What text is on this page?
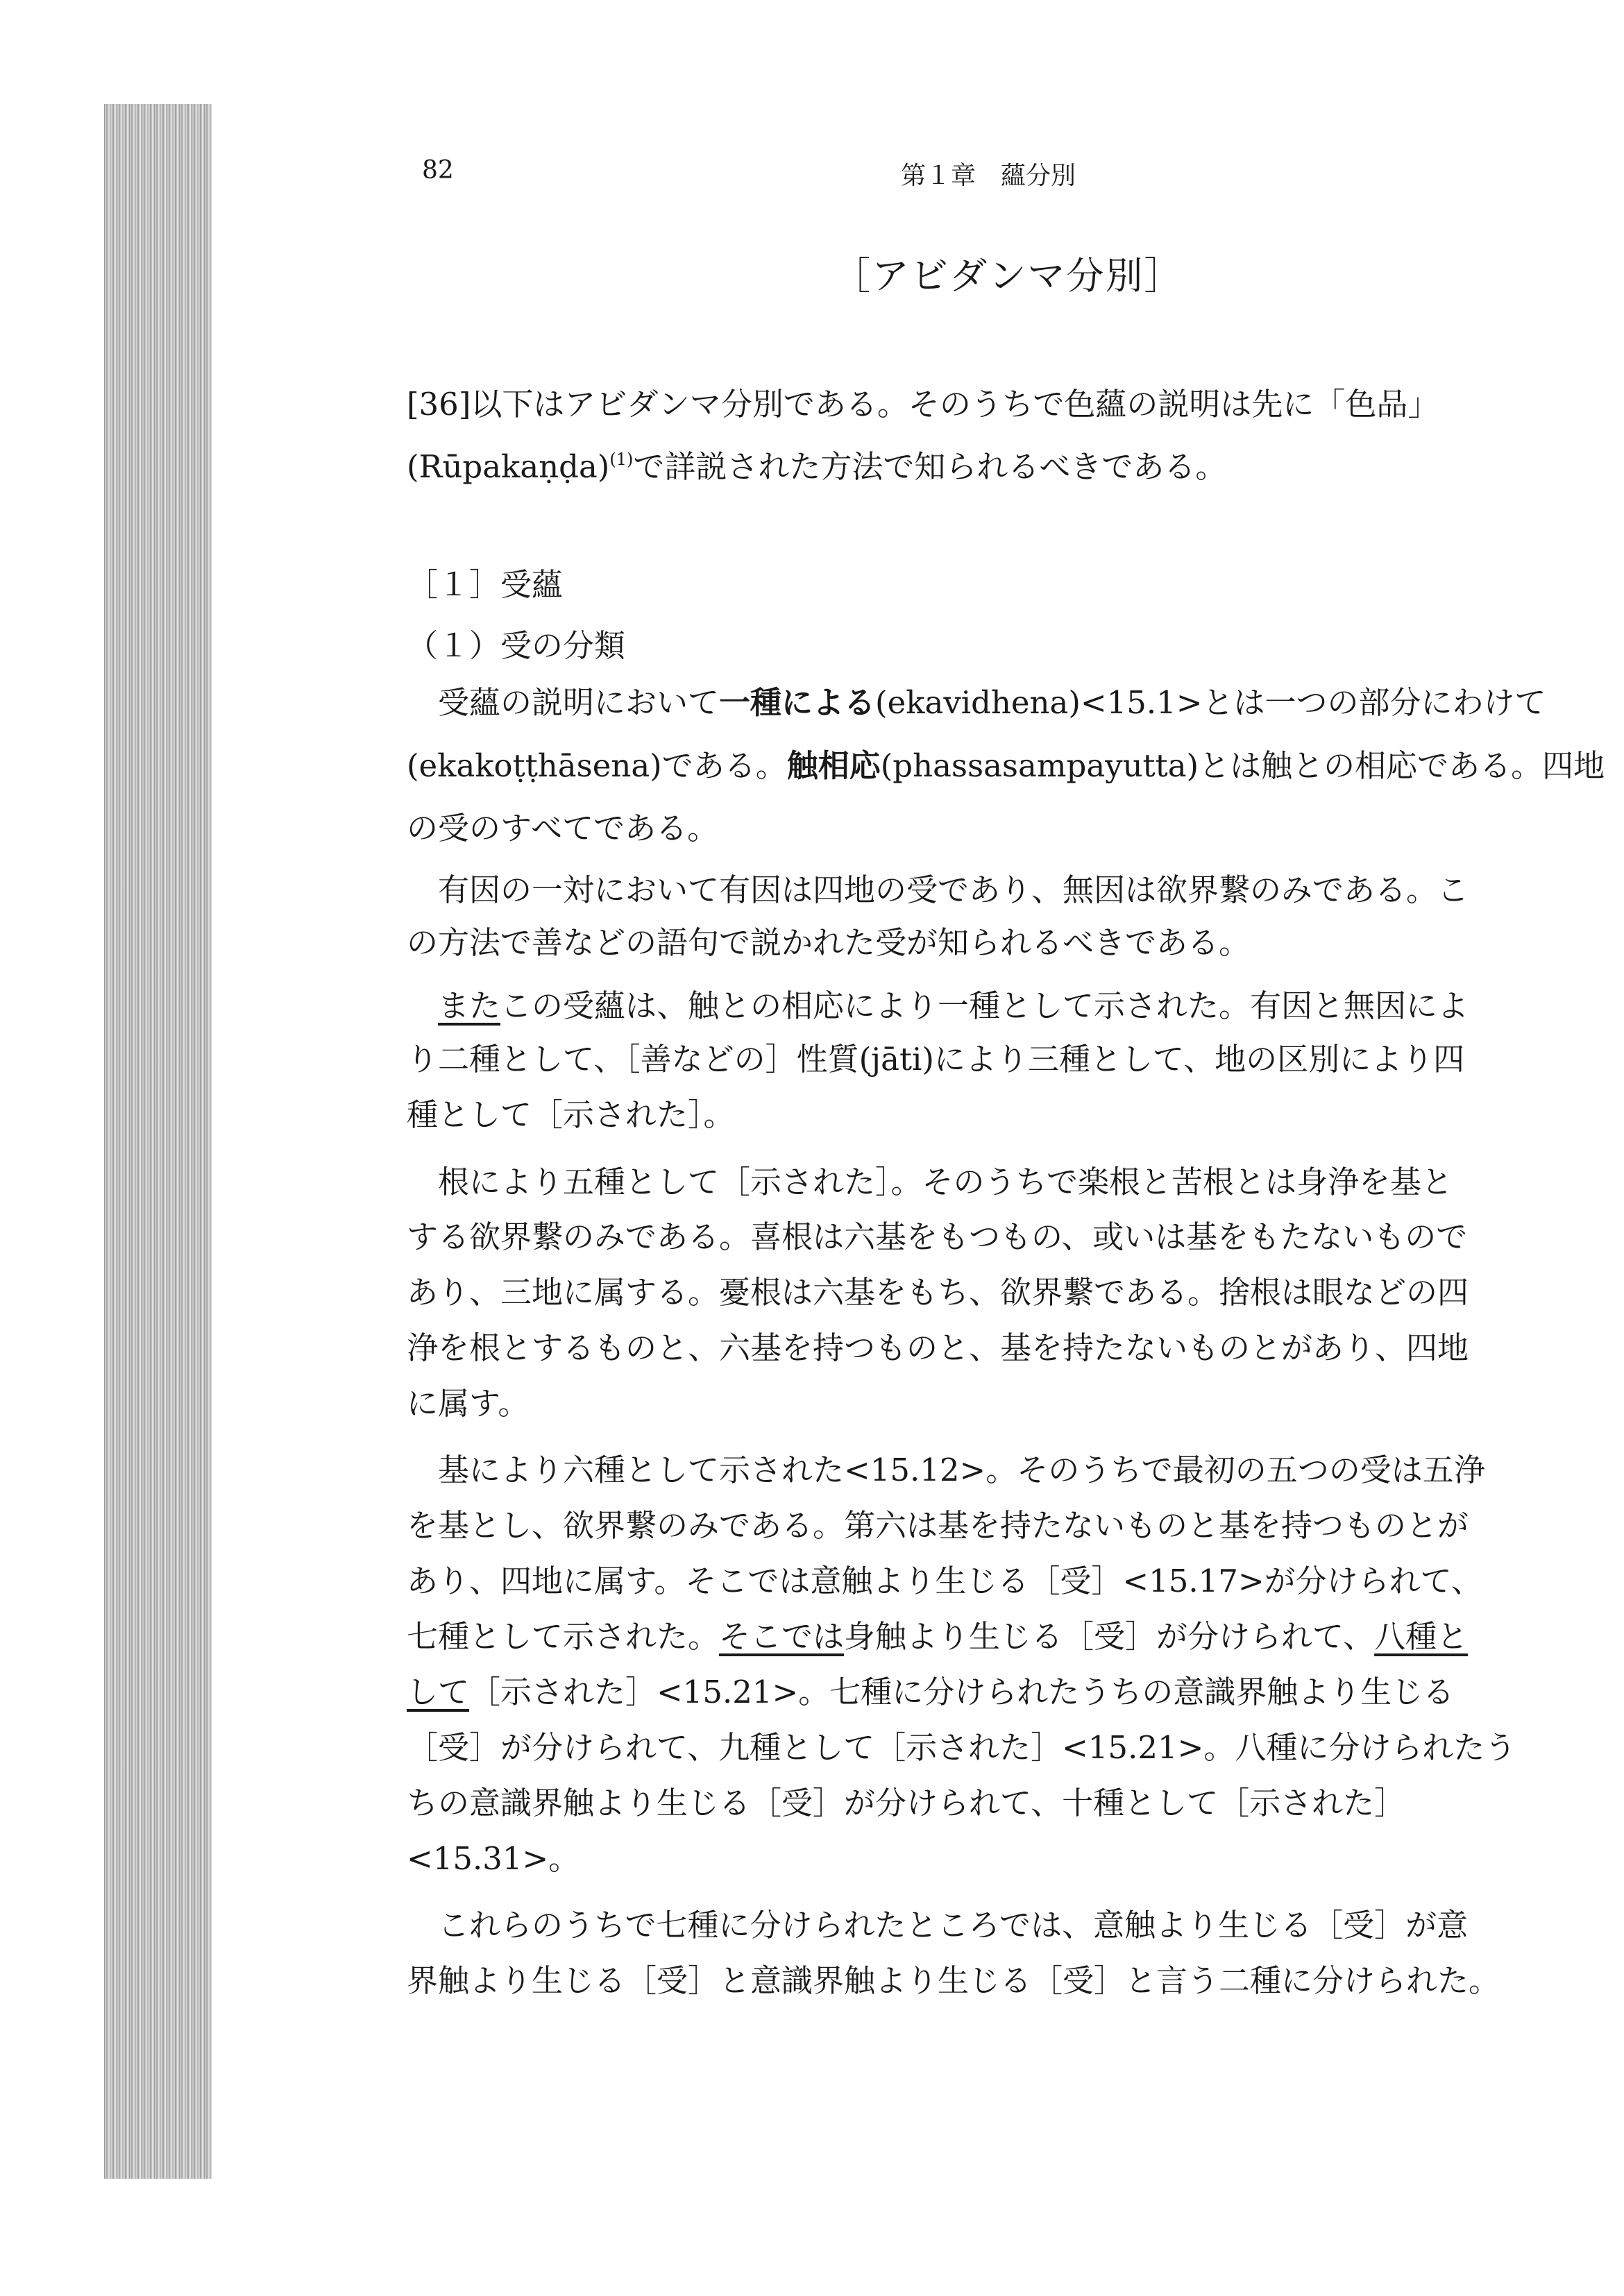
82	第１章　蘊分別
［アビダンマ分別］
[36]以下はアビダンマ分別である。そのうちで色蘊の説明は先に「色品」
(Rūpakaṇḍa)$^{(1)}$で詳説された方法で知られるべきである。
［１］受蘊
（１）受の分類
受蘊の説明において一種による(ekavidhena)<15.1>とは一つの部分にわけて
(ekakoṭṭhāsena)である。触相応(phassasampayutta)とは触との相応である。四地
の受のすべてである。
有因の一対において有因は四地の受であり、無因は欲界繋のみである。こ
の方法で善などの語句で説かれた受が知られるべきである。
またこの受蘊は、触との相応により一種として示された。有因と無因によ
り二種として、［善などの］性質(jāti)により三種として、地の区別により四
種として［示された］。
根により五種として［示された］。そのうちで楽根と苦根とは身浄を基と
する欲界繋のみである。喜根は六基をもつもの、或いは基をもたないもので
あり、三地に属する。憂根は六基をもち、欲界繋である。捨根は眼などの四
浄を根とするものと、六基を持つものと、基を持たないものとがあり、四地
に属す。
基により六種として示された<15.12>。そのうちで最初の五つの受は五浄
を基とし、欲界繋のみである。第六は基を持たないものと基を持つものとが
あり、四地に属す。そこでは意触より生じる［受］<15.17>が分けられて、
七種として示された。そこでは身触より生じる［受］が分けられて、八種と
して［示された］<15.21>。七種に分けられたうちの意識界触より生じる
［受］が分けられて、九種として［示された］<15.21>。八種に分けられたう
ちの意識界触より生じる［受］が分けられて、十種として［示された］
<15.31>。
これらのうちで七種に分けられたところでは、意触より生じる［受］が意
界触より生じる［受］と意識界触より生じる［受］と言う二種に分けられた。
